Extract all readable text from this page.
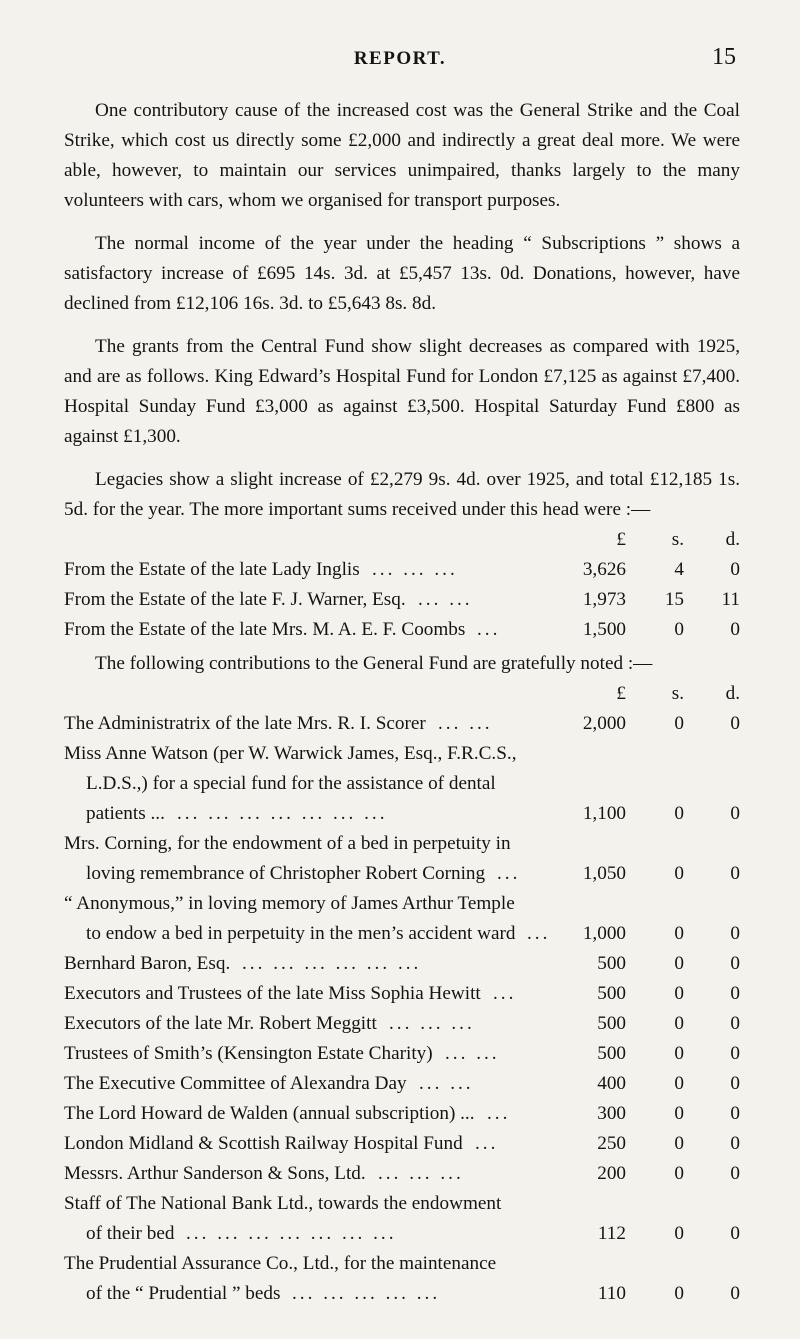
REPORT.	15

One contributory cause of the increased cost was the General Strike and the Coal Strike, which cost us directly some £2,000 and indirectly a great deal more. We were able, however, to maintain our services unimpaired, thanks largely to the many volunteers with cars, whom we organised for transport purposes.

The normal income of the year under the heading “ Subscriptions ” shows a satisfactory increase of £695 14s. 3d. at £5,457 13s. 0d. Donations, however, have declined from £12,106 16s. 3d. to £5,643 8s. 8d.

The grants from the Central Fund show slight decreases as compared with 1925, and are as follows. King Edward’s Hospital Fund for London £7,125 as against £7,400. Hospital Sunday Fund £3,000 as against £3,500. Hospital Saturday Fund £800 as against £1,300.

Legacies show a slight increase of £2,279 9s. 4d. over 1925, and total £12,185 1s. 5d. for the year. The more important sums received under this head were :—

£	s.	d.
From the Estate of the late Lady Inglis ... ... ...	3,626	4	0
From the Estate of the late F. J. Warner, Esq. ... ...	1,973	15	11
From the Estate of the late Mrs. M. A. E. F. Coombs ...	1,500	0	0
The following contributions to the General Fund are gratefully noted :—
£	s.	d.
The Administratrix of the late Mrs. R. I. Scorer ... ...	2,000	0	0
Miss Anne Watson (per W. Warwick James, Esq., F.R.C.S.,
L.D.S.,) for a special fund for the assistance of dental
patients ... ... ... ... ... ... ... ...	1,100	0	0
Mrs. Corning, for the endowment of a bed in perpetuity in
loving remembrance of Christopher Robert Corning ...	1,050	0	0
“ Anonymous,” in loving memory of James Arthur Temple
to endow a bed in perpetuity in the men’s accident ward ...	1,000	0	0
Bernhard Baron, Esq. ... ... ... ... ... ...	500	0	0
Executors and Trustees of the late Miss Sophia Hewitt ...	500	0	0
Executors of the late Mr. Robert Meggitt ... ... ...	500	0	0
Trustees of Smith’s (Kensington Estate Charity) ... ...	500	0	0
The Executive Committee of Alexandra Day ... ...	400	0	0
The Lord Howard de Walden (annual subscription) ... ...	300	0	0
London Midland & Scottish Railway Hospital Fund ...	250	0	0
Messrs. Arthur Sanderson & Sons, Ltd. ... ... ...	200	0	0
Staff of The National Bank Ltd., towards the endowment
of their bed ... ... ... ... ... ... ...	112	0	0
The Prudential Assurance Co., Ltd., for the maintenance
of the “ Prudential ” beds ... ... ... ... ...	110	0	0
